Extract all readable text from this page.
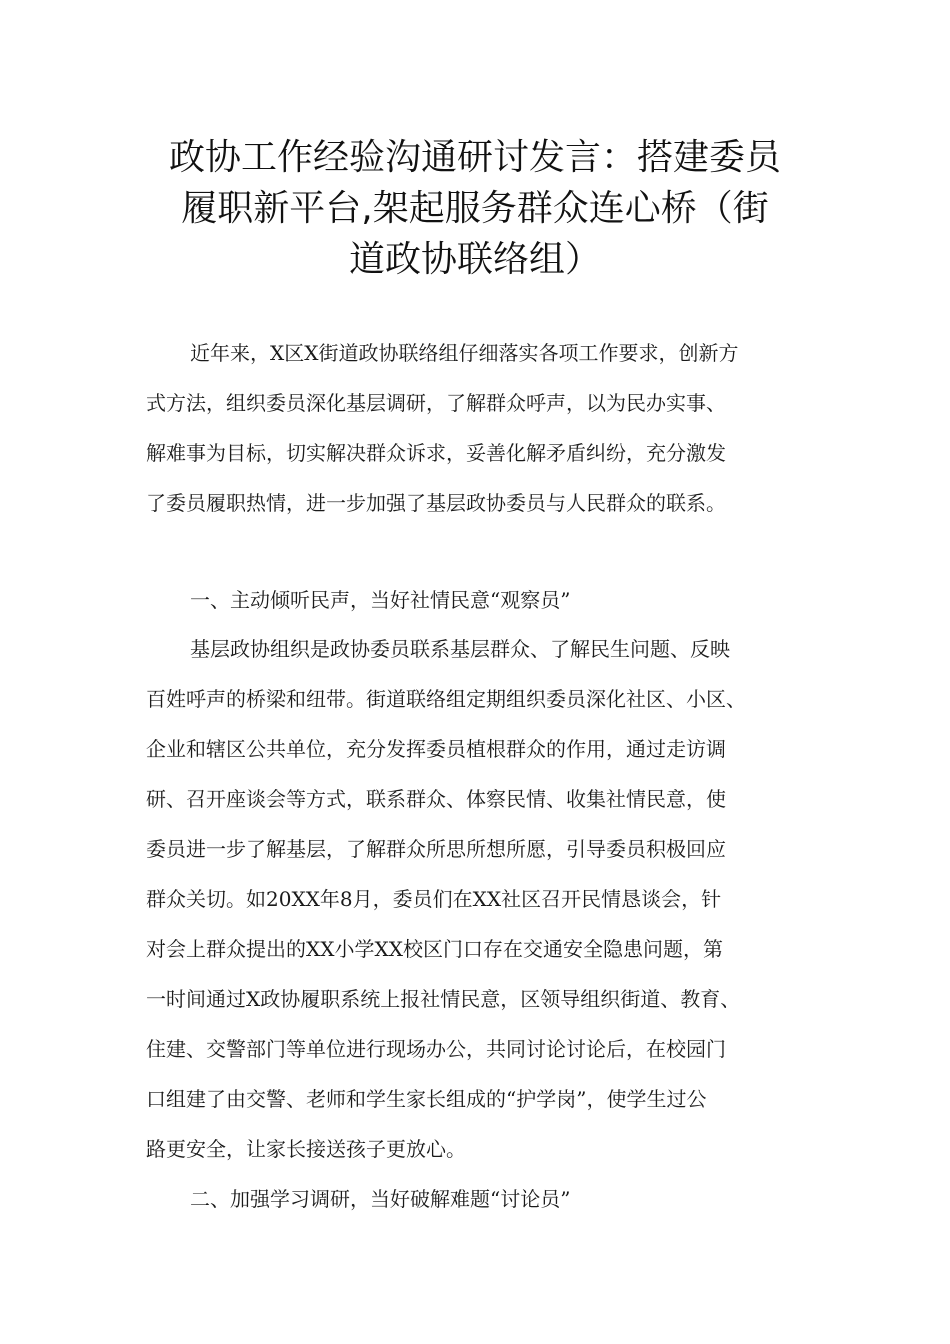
政协工作经验沟通研讨发言：搭建委员
履职新平台,架起服务群众连心桥（街
道政协联络组）

近年来，X区X街道政协联络组仔细落实各项工作要求，创新方
式方法，组织委员深化基层调研，了解群众呼声，以为民办实事、
解难事为目标，切实解决群众诉求，妥善化解矛盾纠纷，充分激发
了委员履职热情，进一步加强了基层政协委员与人民群众的联系。

一、主动倾听民声，当好社情民意“观察员”

基层政协组织是政协委员联系基层群众、了解民生问题、反映
百姓呼声的桥梁和纽带。街道联络组定期组织委员深化社区、小区、
企业和辖区公共单位，充分发挥委员植根群众的作用，通过走访调
研、召开座谈会等方式，联系群众、体察民情、收集社情民意，使
委员进一步了解基层，了解群众所思所想所愿，引导委员积极回应
群众关切。如20XX年8月，委员们在XX社区召开民情恳谈会，针
对会上群众提出的XX小学XX校区门口存在交通安全隐患问题，第
一时间通过X政协履职系统上报社情民意，区领导组织街道、教育、
住建、交警部门等单位进行现场办公，共同讨论讨论后，在校园门
口组建了由交警、老师和学生家长组成的“护学岗”，使学生过公
路更安全，让家长接送孩子更放心。

二、加强学习调研，当好破解难题“讨论员”
